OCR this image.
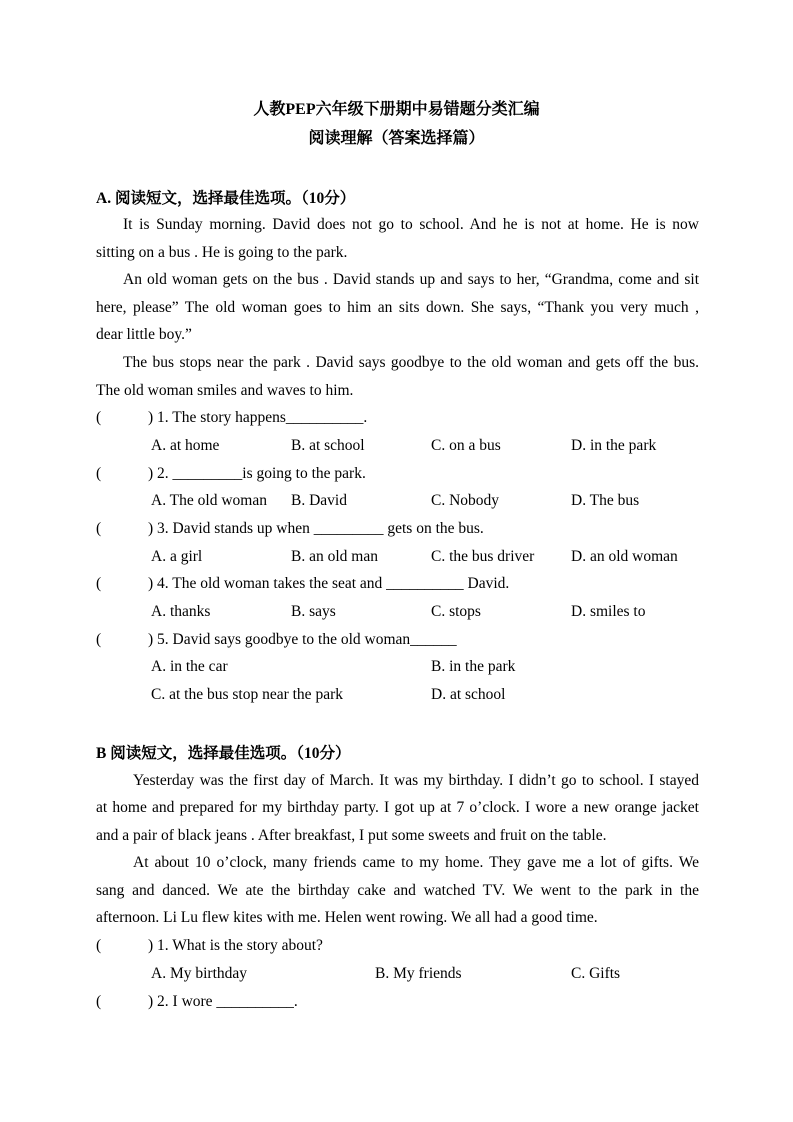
人教PEP六年级下册期中易错题分类汇编
阅读理解（答案选择篇）
A. 阅读短文，选择最佳选项。（10分）
It is Sunday morning. David does not go to school. And he is not at home. He is now
sitting on a bus . He is going to the park.
An old woman gets on the bus . David stands up and says to her, “Grandma, come and sit
here, please” The old woman goes to him an sits down. She says, “Thank you very much ,
dear little boy.”
The bus stops near the park . David says goodbye to the old woman and gets off the bus.
The old woman smiles and waves to him.
(	) 1. The story happens__________.
A. at home	B. at school	C. on a bus	D. in the park
(	) 2. _________is going to the park.
A. The old woman B. David	C. Nobody	D. The bus
(	) 3. David stands up when _________ gets on the bus.
A. a girl	B. an old man	C. the bus driver D. an old woman
(	) 4. The old woman takes the seat and __________ David.
A. thanks	B. says	C. stops	D. smiles to
(	) 5. David says goodbye to the old woman______
A. in the car	B. in the park
C. at the bus stop near the park	D. at school
B 阅读短文，选择最佳选项。（10分）
Yesterday was the first day of March. It was my birthday. I didn’t go to school. I stayed
at home and prepared for my birthday party. I got up at 7 o’clock. I wore a new orange jacket
and a pair of black jeans . After breakfast, I put some sweets and fruit on the table.
At about 10 o’clock, many friends came to my home. They gave me a lot of gifts. We
sang and danced. We ate the birthday cake and watched TV. We went to the park in the
afternoon. Li Lu flew kites with me. Helen went rowing. We all had a good time.
(	) 1. What is the story about?
A. My birthday	B. My friends	C. Gifts
(	) 2. I wore __________.
